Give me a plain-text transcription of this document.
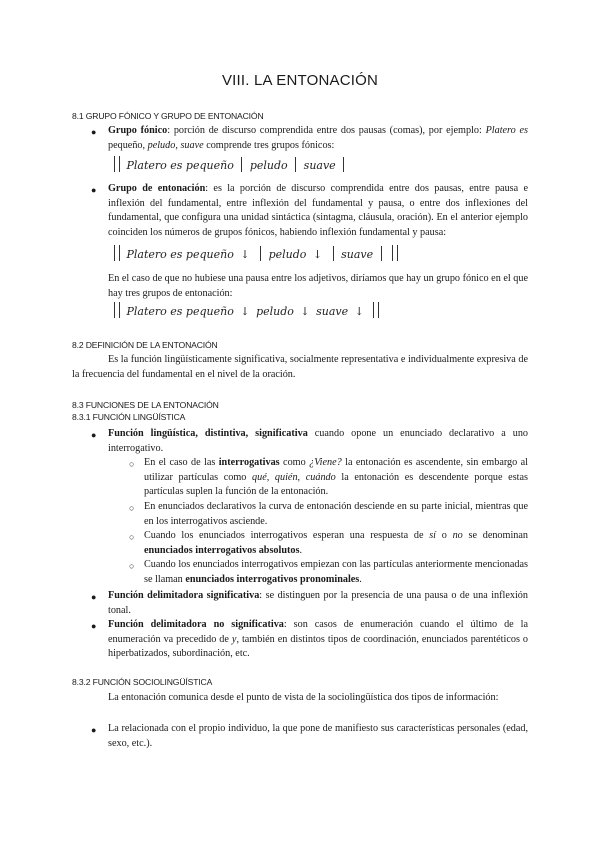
VIII. LA ENTONACIÓN
8.1 GRUPO FÓNICO Y GRUPO DE ENTONACIÓN
● Grupo fónico: porción de discurso comprendida entre dos pausas (comas), por ejemplo: Platero es pequeño, peludo, suave comprende tres grupos fónicos:
Platero es pequeño peludo suave
● Grupo de entonación: es la porción de discurso comprendida entre dos pausas, entre pausa e inflexión del fundamental, entre inflexión del fundamental y pausa, o entre dos inflexiones del fundamental, que configura una unidad sintáctica (sintagma, cláusula, oración). En el anterior ejemplo coinciden los números de grupos fónicos, habiendo inflexión fundamental y pausa:
Platero es pequeño ↓ peludo ↓ suave
En el caso de que no hubiese una pausa entre los adjetivos, diríamos que hay un grupo fónico en el que hay tres grupos de entonación:
Platero es pequeño ↓ peludo ↓ suave ↓
8.2 DEFINICIÓN DE LA ENTONACIÓN
Es la función lingüísticamente significativa, socialmente representativa e individualmente expresiva de la frecuencia del fundamental en el nivel de la oración.
8.3 FUNCIONES DE LA ENTONACIÓN
8.3.1 FUNCIÓN LINGÜÍSTICA
● Función lingüística, distintiva, significativa cuando opone un enunciado declarativo a uno interrogativo.
○ En el caso de las interrogativas como ¿Viene? la entonación es ascendente, sin embargo al utilizar partículas como qué, quién, cuándo la entonación es descendente porque estas partículas suplen la función de la entonación.
○ En enunciados declarativos la curva de entonación desciende en su parte inicial, mientras que en los interrogativos asciende.
○ Cuando los enunciados interrogativos esperan una respuesta de sí o no se denominan enunciados interrogativos absolutos.
○ Cuando los enunciados interrogativos empiezan con las partículas anteriormente mencionadas se llaman enunciados interrogativos pronominales.
● Función delimitadora significativa: se distinguen por la presencia de una pausa o de una inflexión tonal.
● Función delimitadora no significativa: son casos de enumeración cuando el último de la enumeración va precedido de y, también en distintos tipos de coordinación, enunciados parentéticos o hiperbatizados, subordinación, etc.
8.3.2 FUNCIÓN SOCIOLINGÜÍSTICA
La entonación comunica desde el punto de vista de la sociolingüística dos tipos de información:
● La relacionada con el propio individuo, la que pone de manifiesto sus características personales (edad, sexo, etc.).
